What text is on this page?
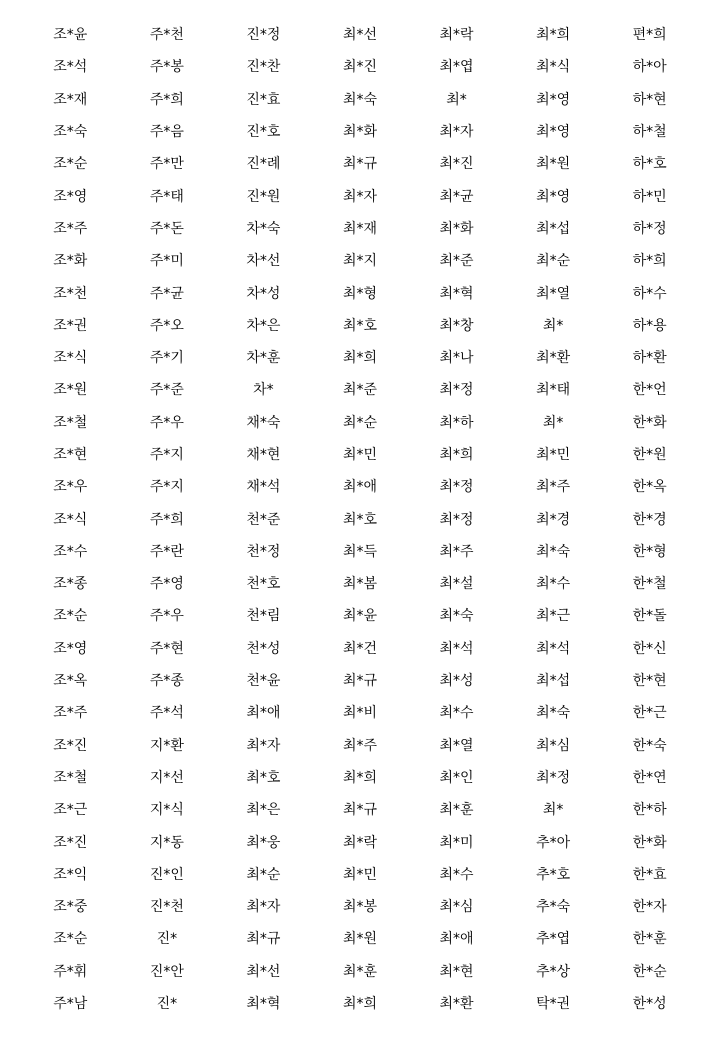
조*윤	주*천	진*정	최*선	최*락	최*희	편*희
조*석	주*봉	진*찬	최*진	최*엽	최*식	하*아
조*재	주*희	진*효	최*숙	최*	최*영	하*현
조*숙	주*음	진*호	최*화	최*자	최*영	하*철
조*순	주*만	진*례	최*규	최*진	최*원	하*호
조*영	주*태	진*원	최*자	최*균	최*영	하*민
조*주	주*돈	차*숙	최*재	최*화	최*섭	하*정
조*화	주*미	차*선	최*지	최*준	최*순	하*희
조*천	주*균	차*성	최*형	최*혁	최*열	하*수
조*권	주*오	차*은	최*호	최*창	최*	하*용
조*식	주*기	차*훈	최*희	최*나	최*환	하*환
조*원	주*준	차*	최*준	최*정	최*태	한*언
조*철	주*우	채*숙	최*순	최*하	최*	한*화
조*현	주*지	채*현	최*민	최*희	최*민	한*원
조*우	주*지	채*석	최*애	최*정	최*주	한*옥
조*식	주*희	천*준	최*호	최*정	최*경	한*경
조*수	주*란	천*정	최*득	최*주	최*숙	한*형
조*종	주*영	천*호	최*봄	최*설	최*수	한*철
조*순	주*우	천*림	최*윤	최*숙	최*근	한*돌
조*영	주*현	천*성	최*건	최*석	최*석	한*신
조*옥	주*종	천*윤	최*규	최*성	최*섭	한*현
조*주	주*석	최*애	최*비	최*수	최*숙	한*근
조*진	지*환	최*자	최*주	최*열	최*심	한*숙
조*철	지*선	최*호	최*희	최*인	최*정	한*연
조*근	지*식	최*은	최*규	최*훈	최*	한*하
조*진	지*동	최*웅	최*락	최*미	추*아	한*화
조*익	진*인	최*순	최*민	최*수	추*호	한*효
조*중	진*천	최*자	최*봉	최*심	추*숙	한*자
조*순	진*	최*규	최*원	최*애	추*엽	한*훈
주*휘	진*안	최*선	최*훈	최*현	추*상	한*순
주*남	진*	최*혁	최*희	최*환	탁*권	한*성
